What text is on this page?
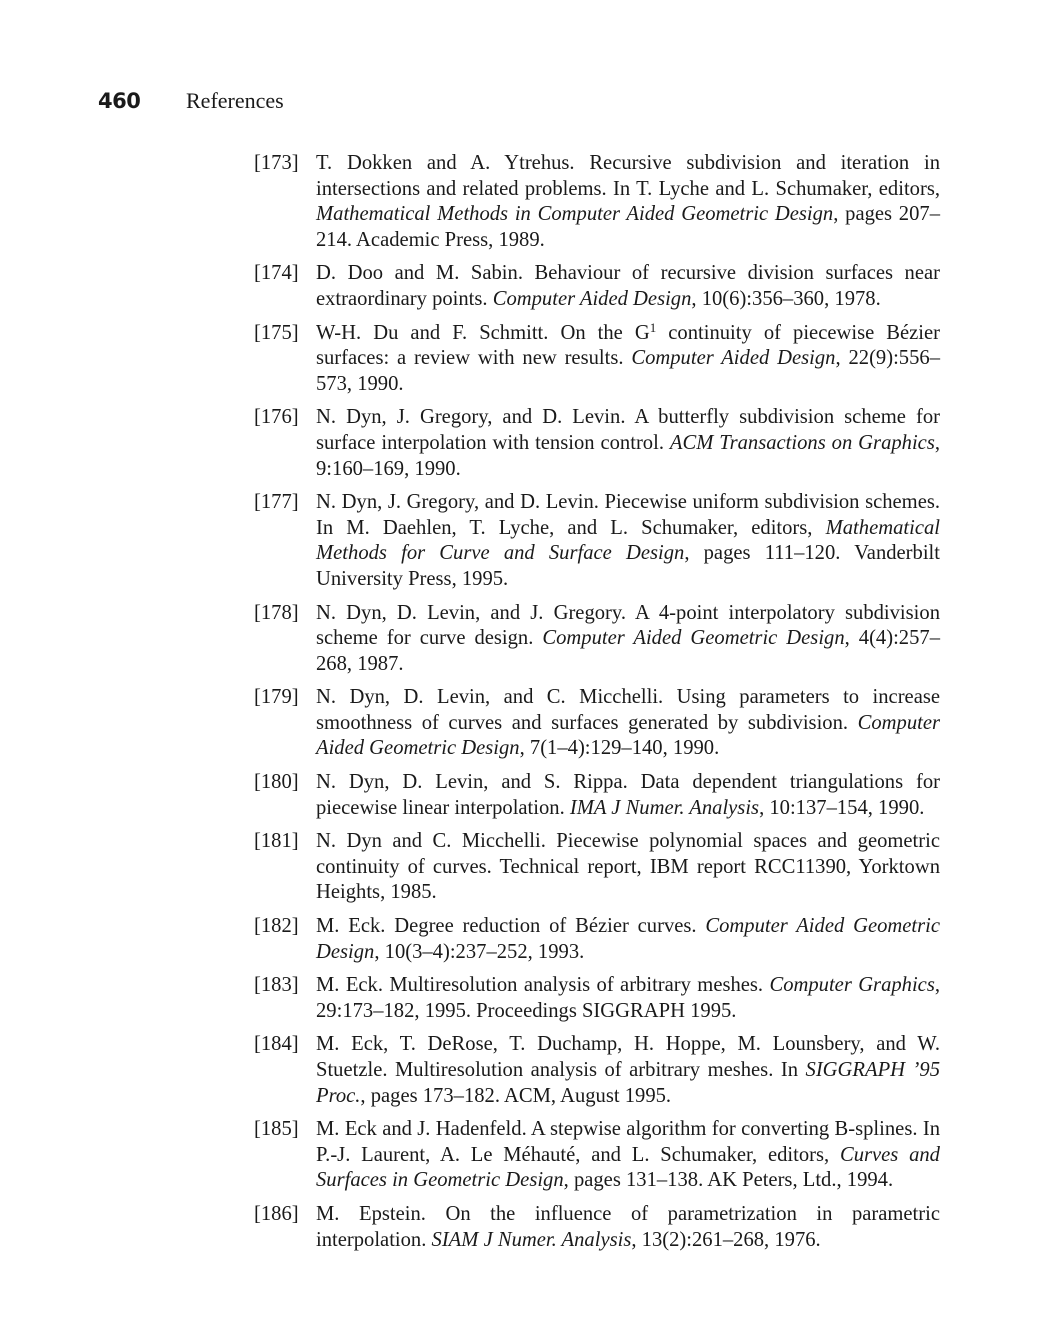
460	References
[173] T. Dokken and A. Ytrehus. Recursive subdivision and iteration in intersections and related problems. In T. Lyche and L. Schumaker, editors, Mathematical Methods in Computer Aided Geometric Design, pages 207–214. Academic Press, 1989.
[174] D. Doo and M. Sabin. Behaviour of recursive division surfaces near extraordinary points. Computer Aided Design, 10(6):356–360, 1978.
[175] W-H. Du and F. Schmitt. On the $G^1$ continuity of piecewise Bézier surfaces: a review with new results. Computer Aided Design, 22(9):556–573, 1990.
[176] N. Dyn, J. Gregory, and D. Levin. A butterfly subdivision scheme for surface interpolation with tension control. ACM Transactions on Graphics, 9:160–169, 1990.
[177] N. Dyn, J. Gregory, and D. Levin. Piecewise uniform subdivision schemes. In M. Daehlen, T. Lyche, and L. Schumaker, editors, Mathematical Methods for Curve and Surface Design, pages 111–120. Vanderbilt University Press, 1995.
[178] N. Dyn, D. Levin, and J. Gregory. A 4-point interpolatory subdivision scheme for curve design. Computer Aided Geometric Design, 4(4):257–268, 1987.
[179] N. Dyn, D. Levin, and C. Micchelli. Using parameters to increase smoothness of curves and surfaces generated by subdivision. Computer Aided Geometric Design, 7(1–4):129–140, 1990.
[180] N. Dyn, D. Levin, and S. Rippa. Data dependent triangulations for piecewise linear interpolation. IMA J Numer. Analysis, 10:137–154, 1990.
[181] N. Dyn and C. Micchelli. Piecewise polynomial spaces and geometric continuity of curves. Technical report, IBM report RCC11390, Yorktown Heights, 1985.
[182] M. Eck. Degree reduction of Bézier curves. Computer Aided Geometric Design, 10(3–4):237–252, 1993.
[183] M. Eck. Multiresolution analysis of arbitrary meshes. Computer Graphics, 29:173–182, 1995. Proceedings SIGGRAPH 1995.
[184] M. Eck, T. DeRose, T. Duchamp, H. Hoppe, M. Lounsbery, and W. Stuetzle. Multiresolution analysis of arbitrary meshes. In SIGGRAPH ’95 Proc., pages 173–182. ACM, August 1995.
[185] M. Eck and J. Hadenfeld. A stepwise algorithm for converting B-splines. In P.-J. Laurent, A. Le Méhauté, and L. Schumaker, editors, Curves and Surfaces in Geometric Design, pages 131–138. AK Peters, Ltd., 1994.
[186] M. Epstein. On the influence of parametrization in parametric interpolation. SIAM J Numer. Analysis, 13(2):261–268, 1976.
